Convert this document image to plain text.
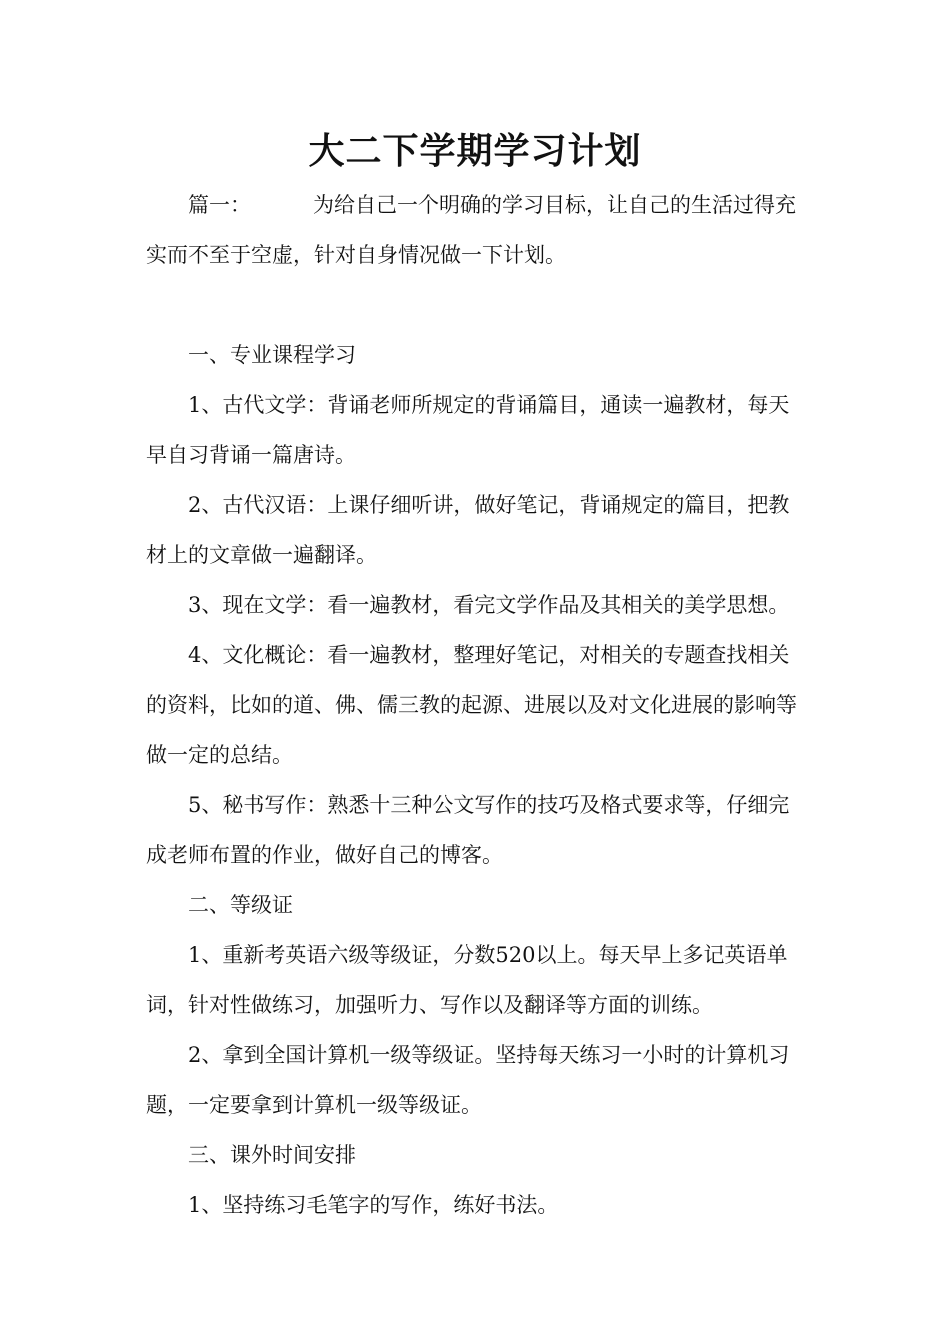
大二下学期学习计划

篇一：	为给自己一个明确的学习目标，让自己的生活过得充实而不至于空虚，针对自身情况做一下计划。

一、专业课程学习

1、古代文学：背诵老师所规定的背诵篇目，通读一遍教材，每天早自习背诵一篇唐诗。

2、古代汉语：上课仔细听讲，做好笔记，背诵规定的篇目，把教材上的文章做一遍翻译。

3、现在文学：看一遍教材，看完文学作品及其相关的美学思想。

4、文化概论：看一遍教材，整理好笔记，对相关的专题查找相关的资料，比如的道、佛、儒三教的起源、进展以及对文化进展的影响等做一定的总结。

5、秘书写作：熟悉十三种公文写作的技巧及格式要求等，仔细完成老师布置的作业，做好自己的博客。

二、等级证

1、重新考英语六级等级证，分数520以上。每天早上多记英语单词，针对性做练习，加强听力、写作以及翻译等方面的训练。

2、拿到全国计算机一级等级证。坚持每天练习一小时的计算机习题，一定要拿到计算机一级等级证。

三、课外时间安排

1、坚持练习毛笔字的写作，练好书法。
